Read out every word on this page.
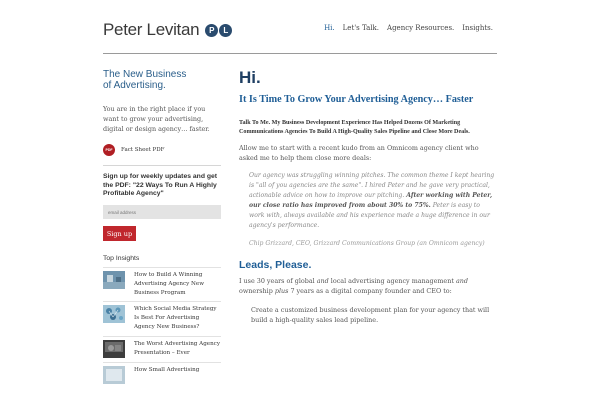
Peter Levitan	P	L	Hi. Let's Talk. Agency Resources. Insights.
The New Business
of Advertising.

You are in the right place if you want to grow your advertising, digital or design agency… faster.

PDF	Fact Sheet PDF

Sign up for weekly updates and get the PDF: "22 Ways To Run A Highly Profitable Agency"

email address
Sign up
Top Insights
How to Build A Winning Advertising Agency New Business Program
Which Social Media Strategy Is Best For Advertising Agency New Business?
The Worst Advertising Agency Presentation – Ever
How Small Advertising
Hi.
It Is Time To Grow Your Advertising Agency… Faster

Talk To Me. My Business Development Experience Has Helped Dozens Of Marketing Communications Agencies To Build A High-Quality Sales Pipeline and Close More Deals.

Allow me to start with a recent kudo from an Omnicom agency client who asked me to help them close more deals:

Our agency was struggling winning pitches. The common theme I kept hearing is "all of you agencies are the same". I hired Peter and he gave very practical, actionable advice on how to improve our pitching. After working with Peter, our close ratio has improved from about 30% to 75%. Peter is easy to work with, always available and his experience made a huge difference in our agency's performance.

Chip Grizzard, CEO, Grizzard Communications Group (an Omnicom agency)

Leads, Please.

I use 30 years of global and local advertising agency management and ownership plus 7 years as a digital company founder and CEO to:

Create a customized business development plan for your agency that will build a high-quality sales lead pipeline.
